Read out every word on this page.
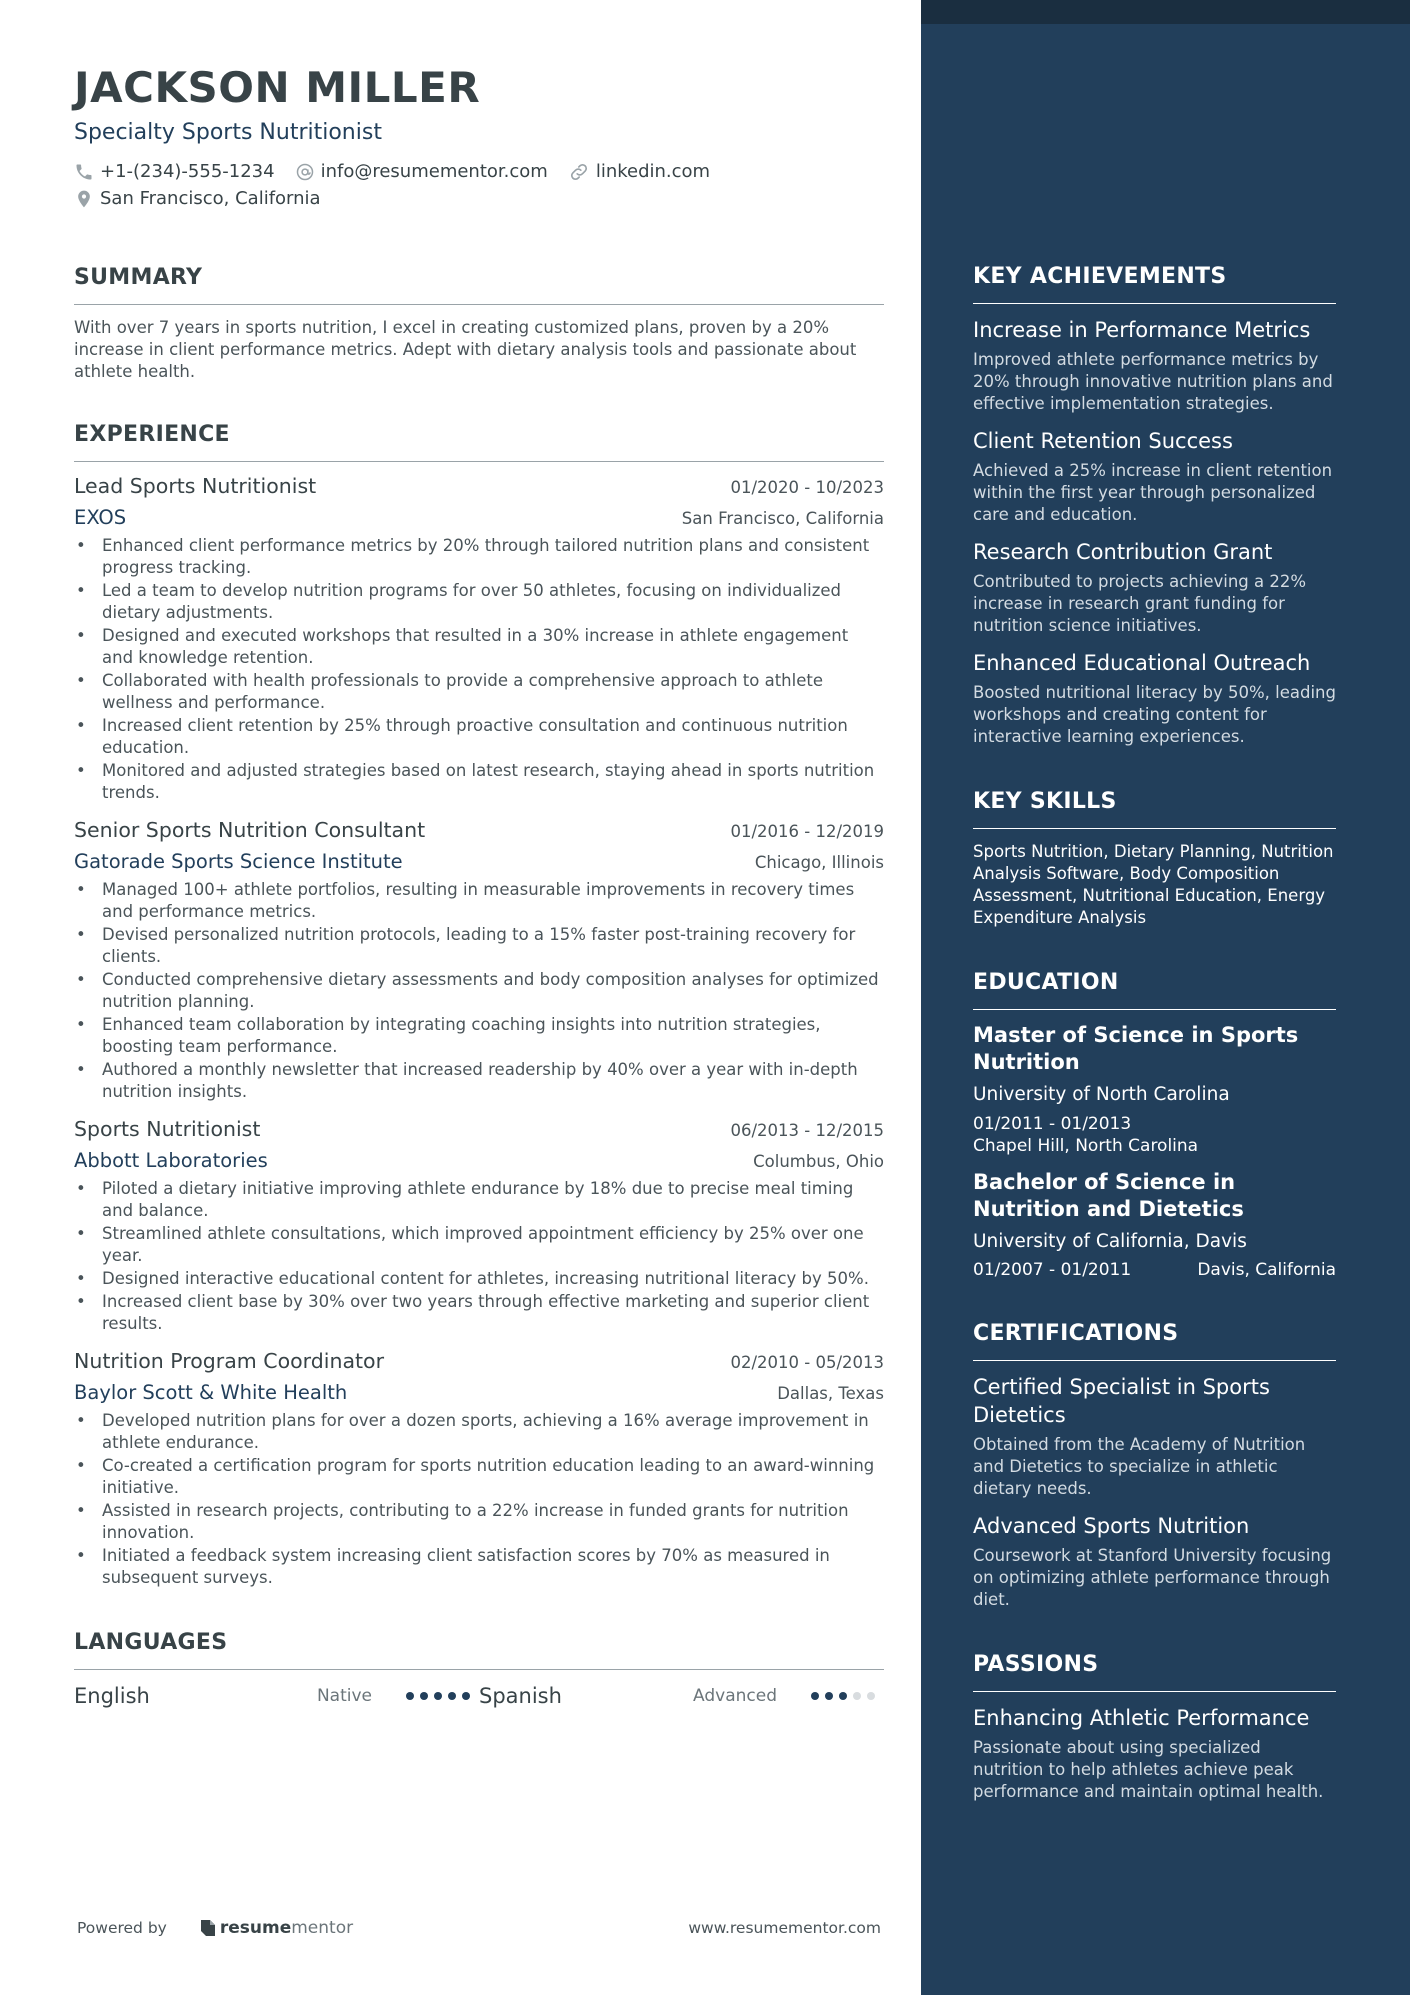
JACKSON MILLER
Specialty Sports Nutritionist
+1-(234)-555-1234	info@resumementor.com	linkedin.com
San Francisco, California
SUMMARY
With over 7 years in sports nutrition, I excel in creating customized plans, proven by a 20% increase in client performance metrics. Adept with dietary analysis tools and passionate about athlete health.
EXPERIENCE
Lead Sports Nutritionist	01/2020 - 10/2023
EXOS	San Francisco, California
• Enhanced client performance metrics by 20% through tailored nutrition plans and consistent progress tracking.
• Led a team to develop nutrition programs for over 50 athletes, focusing on individualized dietary adjustments.
• Designed and executed workshops that resulted in a 30% increase in athlete engagement and knowledge retention.
• Collaborated with health professionals to provide a comprehensive approach to athlete wellness and performance.
• Increased client retention by 25% through proactive consultation and continuous nutrition education.
• Monitored and adjusted strategies based on latest research, staying ahead in sports nutrition trends.
Senior Sports Nutrition Consultant	01/2016 - 12/2019
Gatorade Sports Science Institute	Chicago, Illinois
• Managed 100+ athlete portfolios, resulting in measurable improvements in recovery times and performance metrics.
• Devised personalized nutrition protocols, leading to a 15% faster post-training recovery for clients.
• Conducted comprehensive dietary assessments and body composition analyses for optimized nutrition planning.
• Enhanced team collaboration by integrating coaching insights into nutrition strategies, boosting team performance.
• Authored a monthly newsletter that increased readership by 40% over a year with in-depth nutrition insights.
Sports Nutritionist	06/2013 - 12/2015
Abbott Laboratories	Columbus, Ohio
• Piloted a dietary initiative improving athlete endurance by 18% due to precise meal timing and balance.
• Streamlined athlete consultations, which improved appointment efficiency by 25% over one year.
• Designed interactive educational content for athletes, increasing nutritional literacy by 50%.
• Increased client base by 30% over two years through effective marketing and superior client results.
Nutrition Program Coordinator	02/2010 - 05/2013
Baylor Scott & White Health	Dallas, Texas
• Developed nutrition plans for over a dozen sports, achieving a 16% average improvement in athlete endurance.
• Co-created a certification program for sports nutrition education leading to an award-winning initiative.
• Assisted in research projects, contributing to a 22% increase in funded grants for nutrition innovation.
• Initiated a feedback system increasing client satisfaction scores by 70% as measured in subsequent surveys.
LANGUAGES
English	Native	Spanish	Advanced
Powered by	resume mentor	www.resumementor.com
KEY ACHIEVEMENTS
Increase in Performance Metrics
Improved athlete performance metrics by 20% through innovative nutrition plans and effective implementation strategies.
Client Retention Success
Achieved a 25% increase in client retention within the first year through personalized care and education.
Research Contribution Grant
Contributed to projects achieving a 22% increase in research grant funding for nutrition science initiatives.
Enhanced Educational Outreach
Boosted nutritional literacy by 50%, leading workshops and creating content for interactive learning experiences.
KEY SKILLS
Sports Nutrition, Dietary Planning, Nutrition Analysis Software, Body Composition Assessment, Nutritional Education, Energy Expenditure Analysis
EDUCATION
Master of Science in Sports Nutrition
University of North Carolina
01/2011 - 01/2013
Chapel Hill, North Carolina
Bachelor of Science in Nutrition and Dietetics
University of California, Davis
01/2007 - 01/2011	Davis, California
CERTIFICATIONS
Certified Specialist in Sports Dietetics
Obtained from the Academy of Nutrition and Dietetics to specialize in athletic dietary needs.
Advanced Sports Nutrition
Coursework at Stanford University focusing on optimizing athlete performance through diet.
PASSIONS
Enhancing Athletic Performance
Passionate about using specialized nutrition to help athletes achieve peak performance and maintain optimal health.
